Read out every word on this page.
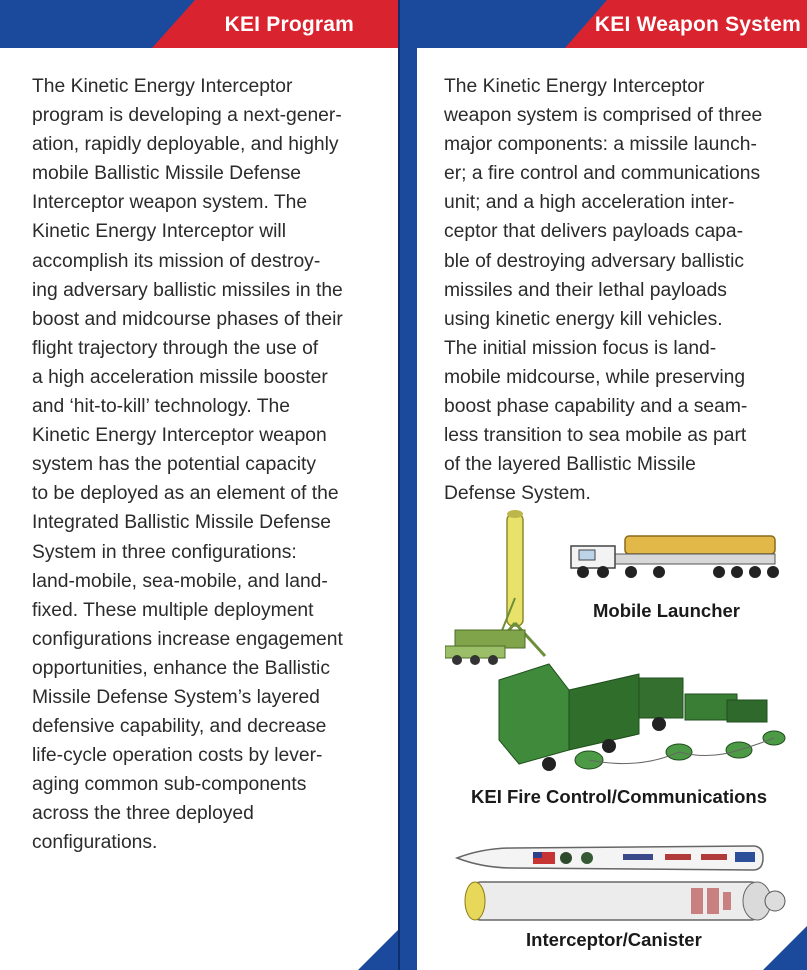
KEI Program
The Kinetic Energy Interceptor
program is developing a next-gener-
ation, rapidly deployable, and highly
mobile Ballistic Missile Defense
Interceptor weapon system. The
Kinetic Energy Interceptor will
accomplish its mission of destroy-
ing adversary ballistic missiles in the
boost and midcourse phases of their
flight trajectory through the use of
a high acceleration missile booster
and ‘hit-to-kill’ technology. The
Kinetic Energy Interceptor weapon
system has the potential capacity
to be deployed as an element of the
Integrated Ballistic Missile Defense
System in three configurations:
land-mobile, sea-mobile, and land-
fixed. These multiple deployment
configurations increase engagement
opportunities, enhance the Ballistic
Missile Defense System’s layered
defensive capability, and decrease
life-cycle operation costs by lever-
aging common sub-components
across the three deployed
configurations.
KEI Weapon System
The Kinetic Energy Interceptor
weapon system is comprised of three
major components: a missile launch-
er; a fire control and communications
unit; and a high acceleration inter-
ceptor that delivers payloads capa-
ble of destroying adversary ballistic
missiles and their lethal payloads
using kinetic energy kill vehicles.
The initial mission focus is land-
mobile midcourse, while preserving
boost phase capability and a seam-
less transition to sea mobile as part
of the layered Ballistic Missile
Defense System.
Mobile Launcher
KEI Fire Control/Communications
Interceptor/Canister
